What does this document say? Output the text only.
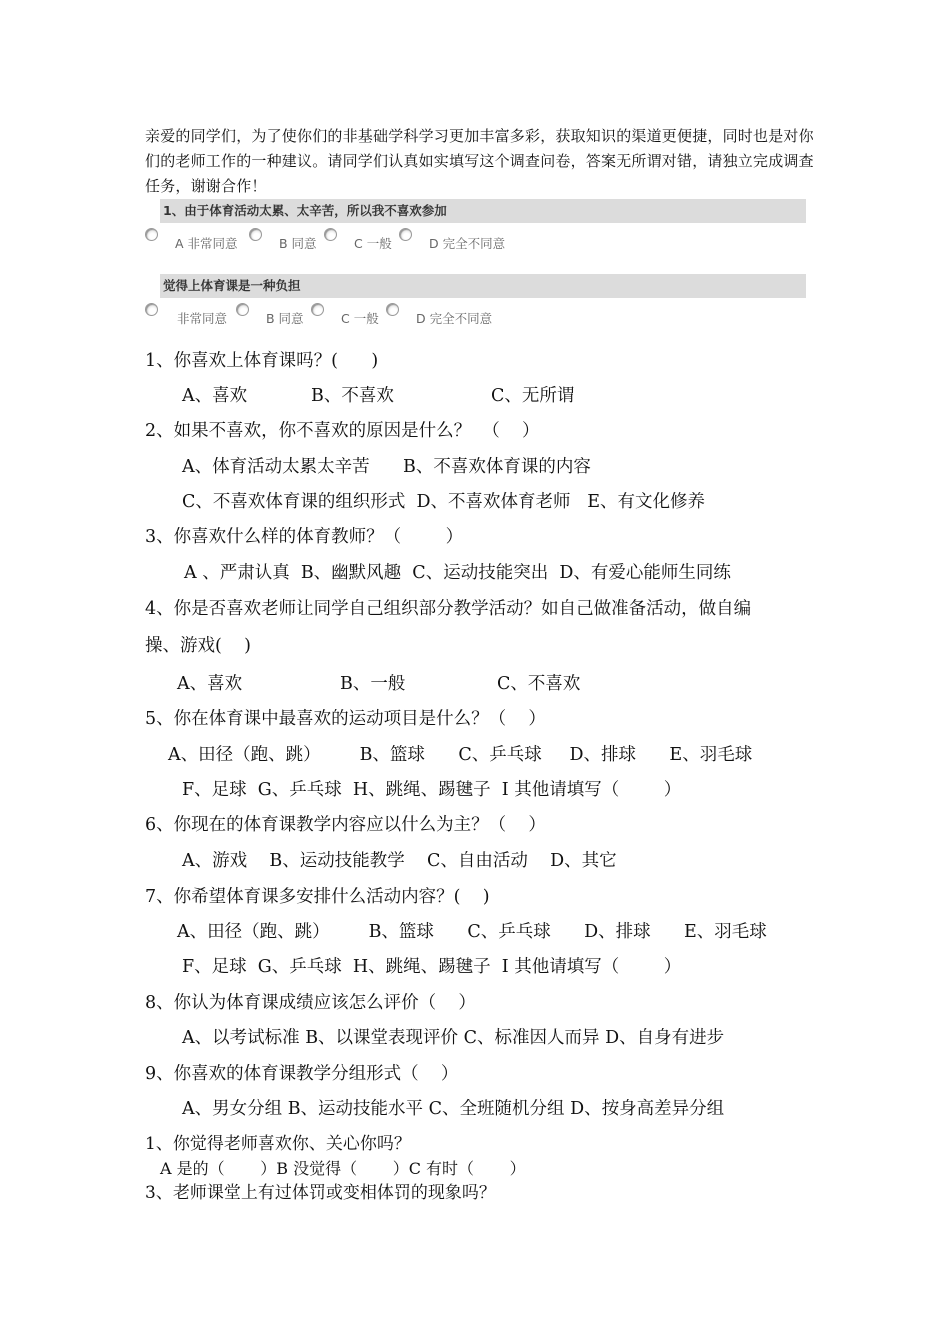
亲爱的同学们，为了使你们的非基础学科学习更加丰富多彩，获取知识的渠道更便捷，同时也是对你们的老师工作的一种建议。请同学们认真如实填写这个调查问卷，答案无所谓对错，请独立完成调查任务，谢谢合作！
1、由于体育活动太累、太辛苦，所以我不喜欢参加
A 非常同意	B 同意	C 一般	D 完全不同意
觉得上体育课是一种负担
非常同意	B 同意	C 一般	D 完全不同意
1、你喜欢上体育课吗？(      )
A、喜欢	B、不喜欢	C、无所谓
2、如果不喜欢，你不喜欢的原因是什么？  （    ）
A、体育活动太累太辛苦      B、不喜欢体育课的内容
C、不喜欢体育课的组织形式  D、不喜欢体育老师   E、有文化修养
3、你喜欢什么样的体育教师？（        ）
A 、严肃认真  B、幽默风趣  C、运动技能突出  D、有爱心能师生同练
4、你是否喜欢老师让同学自己组织部分教学活动？如自己做准备活动，做自编
操、游戏(    )
A、喜欢	B、一般	C、不喜欢
5、你在体育课中最喜欢的运动项目是什么？（    ）
A、田径（跑、跳）       B、篮球      C、乒乓球     D、排球      E、羽毛球
F、足球  G、乒乓球  H、跳绳、踢毽子  I 其他请填写（        ）
6、你现在的体育课教学内容应以什么为主？（    ）
A、游戏    B、运动技能教学    C、自由活动    D、其它
7、你希望体育课多安排什么活动内容？(    )
A、田径（跑、跳）       B、篮球      C、乒乓球      D、排球      E、羽毛球
F、足球  G、乒乓球  H、跳绳、踢毽子  I 其他请填写（        ）
8、你认为体育课成绩应该怎么评价（    ）
A、以考试标准 B、以课堂表现评价 C、标准因人而异 D、自身有进步
9、你喜欢的体育课教学分组形式（    ）
A、男女分组 B、运动技能水平 C、全班随机分组 D、按身高差异分组
1、你觉得老师喜欢你、关心你吗？
A 是的（       ）B 没觉得（       ）C 有时（       ）
3、老师课堂上有过体罚或变相体罚的现象吗？
